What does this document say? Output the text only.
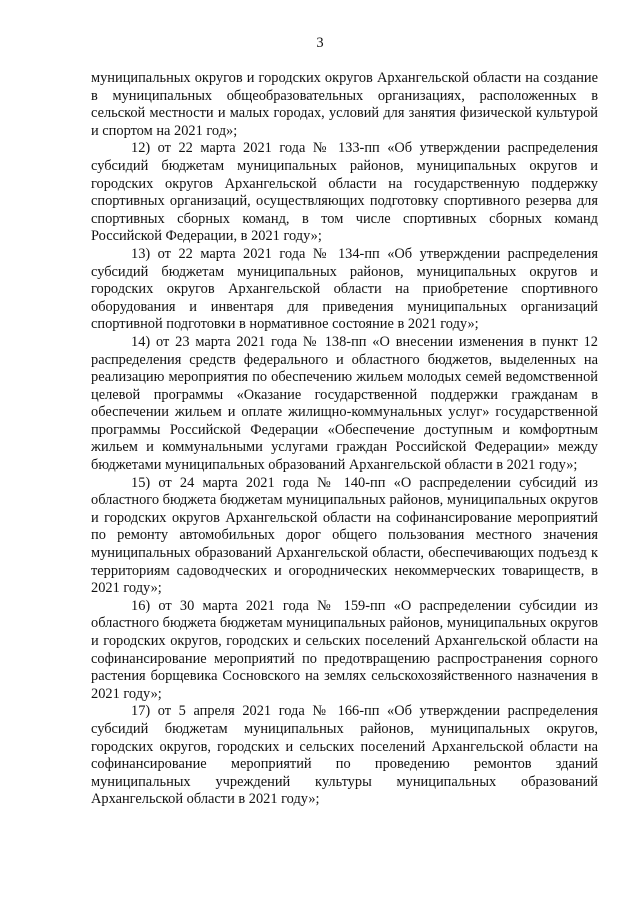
3

муниципальных округов и городских округов Архангельской области на создание в муниципальных общеобразовательных организациях, расположенных в сельской местности и малых городах, условий для занятия физической культурой и спортом на 2021 год»;

12) от 22 марта 2021 года № 133-пп «Об утверждении распределения субсидий бюджетам муниципальных районов, муниципальных округов и городских округов Архангельской области на государственную поддержку спортивных организаций, осуществляющих подготовку спортивного резерва для спортивных сборных команд, в том числе спортивных сборных команд Российской Федерации, в 2021 году»;

13) от 22 марта 2021 года № 134-пп «Об утверждении распределения субсидий бюджетам муниципальных районов, муниципальных округов и городских округов Архангельской области на приобретение спортивного оборудования и инвентаря для приведения муниципальных организаций спортивной подготовки в нормативное состояние в 2021 году»;

14) от 23 марта 2021 года № 138-пп «О внесении изменения в пункт 12 распределения средств федерального и областного бюджетов, выделенных на реализацию мероприятия по обеспечению жильем молодых семей ведомственной целевой программы «Оказание государственной поддержки гражданам в обеспечении жильем и оплате жилищно-коммунальных услуг» государственной программы Российской Федерации «Обеспечение доступным и комфортным жильем и коммунальными услугами граждан Российской Федерации» между бюджетами муниципальных образований Архангельской области в 2021 году»;

15) от 24 марта 2021 года № 140-пп «О распределении субсидий из областного бюджета бюджетам муниципальных районов, муниципальных округов и городских округов Архангельской области на софинансирование мероприятий по ремонту автомобильных дорог общего пользования местного значения муниципальных образований Архангельской области, обеспечивающих подъезд к территориям садоводческих и огороднических некоммерческих товариществ, в 2021 году»;

16) от 30 марта 2021 года № 159-пп «О распределении субсидии из областного бюджета бюджетам муниципальных районов, муниципальных округов и городских округов, городских и сельских поселений Архангельской области на софинансирование мероприятий по предотвращению распространения сорного растения борщевика Сосновского на землях сельскохозяйственного назначения в 2021 году»;

17) от 5 апреля 2021 года № 166-пп «Об утверждении распределения субсидий бюджетам муниципальных районов, муниципальных округов, городских округов, городских и сельских поселений Архангельской области на софинансирование мероприятий по проведению ремонтов зданий муниципальных учреждений культуры муниципальных образований Архангельской области в 2021 году»;
